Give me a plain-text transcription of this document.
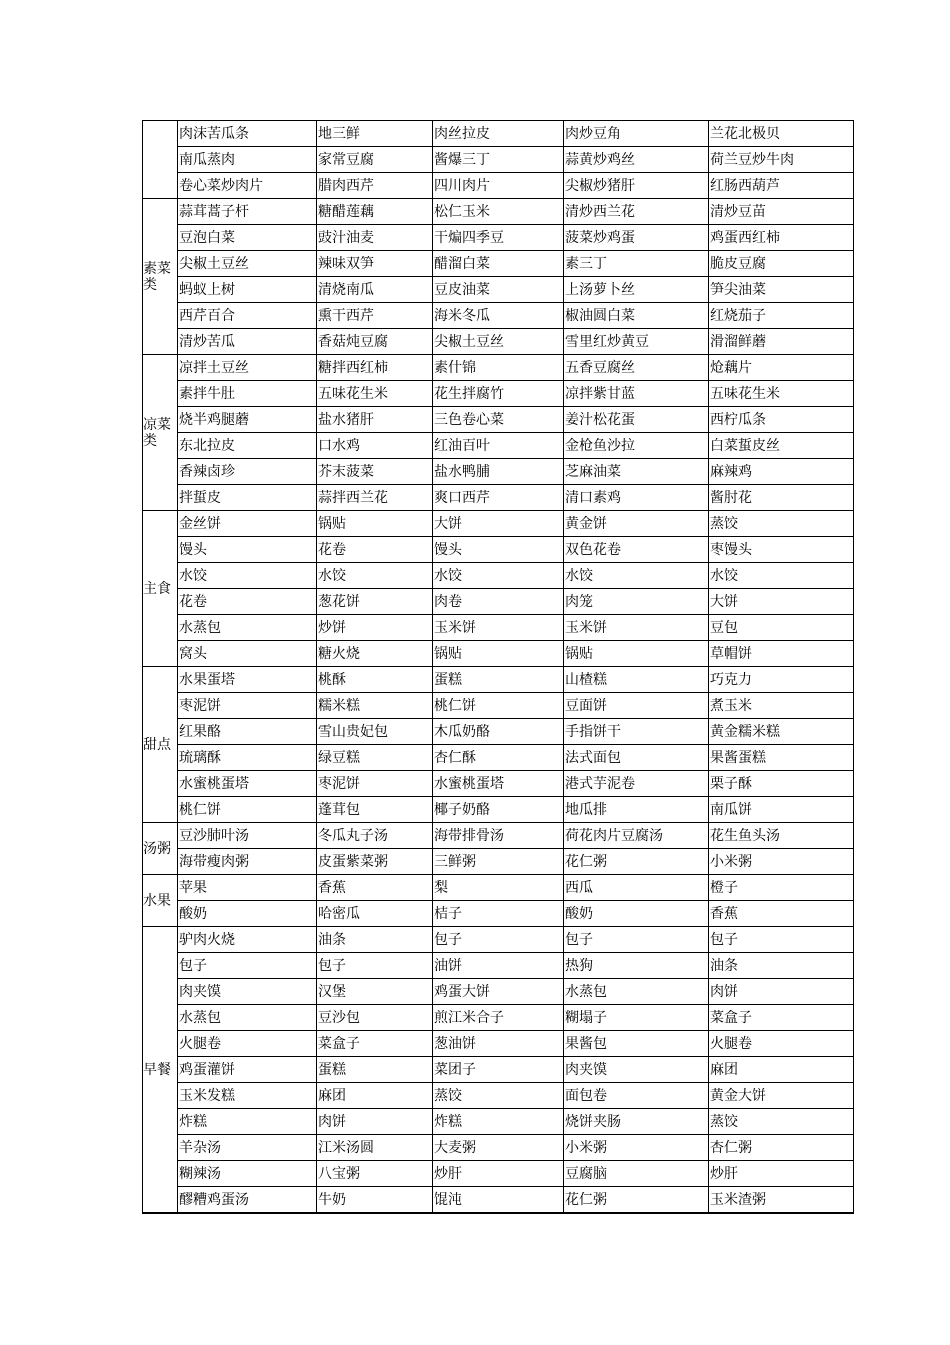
	肉沫苦瓜条	地三鲜	肉丝拉皮	肉炒豆角	兰花北极贝
	南瓜蒸肉	家常豆腐	酱爆三丁	蒜黄炒鸡丝	荷兰豆炒牛肉
	卷心菜炒肉片	腊肉西芹	四川肉片	尖椒炒猪肝	红肠西葫芦
素菜类	蒜茸蒿子杆	糖醋莲藕	松仁玉米	清炒西兰花	清炒豆苗
	豆泡白菜	豉汁油麦	干煸四季豆	菠菜炒鸡蛋	鸡蛋西红柿
	尖椒土豆丝	辣味双笋	醋溜白菜	素三丁	脆皮豆腐
	蚂蚁上树	清烧南瓜	豆皮油菜	上汤萝卜丝	笋尖油菜
	西芹百合	熏干西芹	海米冬瓜	椒油圆白菜	红烧茄子
	清炒苦瓜	香菇炖豆腐	尖椒土豆丝	雪里红炒黄豆	滑溜鲜蘑
凉菜类	凉拌土豆丝	糖拌西红柿	素什锦	五香豆腐丝	炝藕片
	素拌牛肚	五味花生米	花生拌腐竹	凉拌紫甘蓝	五味花生米
	烧半鸡腿蘑	盐水猪肝	三色卷心菜	姜汁松花蛋	西柠瓜条
	东北拉皮	口水鸡	红油百叶	金枪鱼沙拉	白菜蜇皮丝
	香辣卤珍	芥末菠菜	盐水鸭脯	芝麻油菜	麻辣鸡
	拌蜇皮	蒜拌西兰花	爽口西芹	清口素鸡	酱肘花
主食	金丝饼	锅贴	大饼	黄金饼	蒸饺
	馒头	花卷	馒头	双色花卷	枣馒头
	水饺	水饺	水饺	水饺	水饺
	花卷	葱花饼	肉卷	肉笼	大饼
	水蒸包	炒饼	玉米饼	玉米饼	豆包
	窝头	糖火烧	锅贴	锅贴	草帽饼
甜点	水果蛋塔	桃酥	蛋糕	山楂糕	巧克力
	枣泥饼	糯米糕	桃仁饼	豆面饼	煮玉米
	红果酪	雪山贵妃包	木瓜奶酪	手指饼干	黄金糯米糕
	琉璃酥	绿豆糕	杏仁酥	法式面包	果酱蛋糕
	水蜜桃蛋塔	枣泥饼	水蜜桃蛋塔	港式芋泥卷	栗子酥
	桃仁饼	蓬茸包	椰子奶酪	地瓜排	南瓜饼
汤粥	豆沙肺叶汤	冬瓜丸子汤	海带排骨汤	荷花肉片豆腐汤	花生鱼头汤
	海带瘦肉粥	皮蛋紫菜粥	三鲜粥	花仁粥	小米粥
水果	苹果	香蕉	梨	西瓜	橙子
	酸奶	哈密瓜	桔子	酸奶	香蕉
早餐	驴肉火烧	油条	包子	包子	包子
	包子	包子	油饼	热狗	油条
	肉夹馍	汉堡	鸡蛋大饼	水蒸包	肉饼
	水蒸包	豆沙包	煎江米合子	糊塌子	菜盒子
	火腿卷	菜盒子	葱油饼	果酱包	火腿卷
	鸡蛋灌饼	蛋糕	菜团子	肉夹馍	麻团
	玉米发糕	麻团	蒸饺	面包卷	黄金大饼
	炸糕	肉饼	炸糕	烧饼夹肠	蒸饺
	羊杂汤	江米汤圆	大麦粥	小米粥	杏仁粥
	糊辣汤	八宝粥	炒肝	豆腐脑	炒肝
	醪糟鸡蛋汤	牛奶	馄沌	花仁粥	玉米渣粥
